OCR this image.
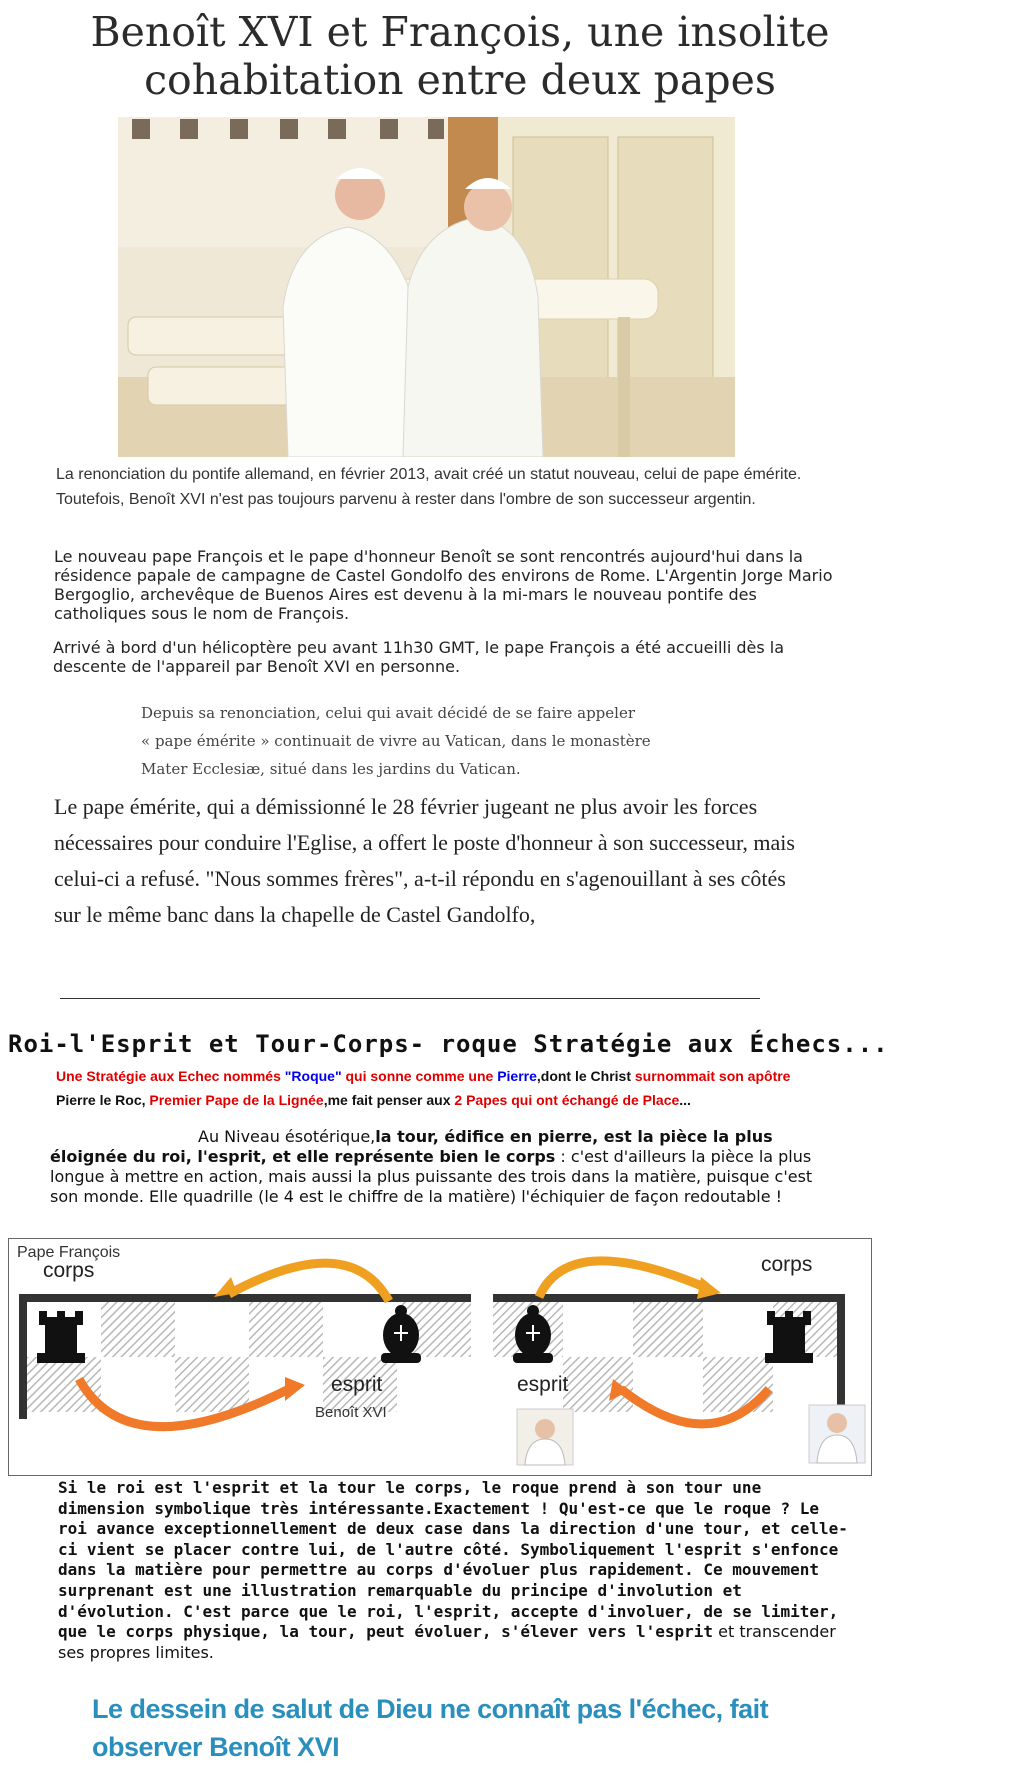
Benoît XVI et François, une insolite
cohabitation entre deux papes
La renonciation du pontife allemand, en février 2013, avait créé un statut nouveau, celui de pape émérite. Toutefois, Benoît XVI n'est pas toujours parvenu à rester dans l'ombre de son successeur argentin.
Le nouveau pape François et le pape d'honneur Benoît se sont rencontrés aujourd'hui dans la résidence papale de campagne de Castel Gondolfo des environs de Rome. L'Argentin Jorge Mario Bergoglio, archevêque de Buenos Aires est devenu à la mi-mars le nouveau pontife des catholiques sous le nom de François.
Arrivé à bord d'un hélicoptère peu avant 11h30 GMT, le pape François a été accueilli dès la descente de l'appareil par Benoît XVI en personne.
Depuis sa renonciation, celui qui avait décidé de se faire appeler
« pape émérite » continuait de vivre au Vatican, dans le monastère
Mater Ecclesiæ, situé dans les jardins du Vatican.
Le pape émérite, qui a démissionné le 28 février jugeant ne plus avoir les forces nécessaires pour conduire l'Eglise, a offert le poste d'honneur à son successeur, mais celui-ci a refusé. "Nous sommes frères", a-t-il répondu en s'agenouillant à ses côtés sur le même banc dans la chapelle de Castel Gandolfo,
Roi-l'Esprit et Tour-Corps- roque Stratégie aux Échecs...
Une Stratégie aux Echec nommés "Roque" qui sonne comme une Pierre,dont le Christ surnommait son apôtre
Pierre le Roc, Premier Pape de la Lignée,me fait penser aux 2 Papes qui ont échangé de Place...
Au Niveau ésotérique,la tour, édifice en pierre, est la pièce la plus éloignée du roi, l'esprit, et elle représente bien le corps : c'est d'ailleurs la pièce la plus longue à mettre en action, mais aussi la plus puissante des trois dans la matière, puisque c'est son monde. Elle quadrille (le 4 est le chiffre de la matière) l'échiquier de façon redoutable !
Pape François
corps
esprit
Benoît XVI
corps
esprit
Si le roi est l'esprit et la tour le corps, le roque prend à son tour une dimension symbolique très intéressante.Exactement ! Qu'est-ce que le roque ? Le roi avance exceptionnellement de deux case dans la direction d'une tour, et celle-ci vient se placer contre lui, de l'autre côté. Symboliquement l'esprit s'enfonce dans la matière pour permettre au corps d'évoluer plus rapidement. Ce mouvement surprenant est une illustration remarquable du principe d'involution et d'évolution. C'est parce que le roi, l'esprit, accepte d'involuer, de se limiter, que le corps physique, la tour, peut évoluer, s'élever vers l'esprit et transcender ses propres limites.
Le dessein de salut de Dieu ne connaît pas l'échec, fait observer Benoît XVI
